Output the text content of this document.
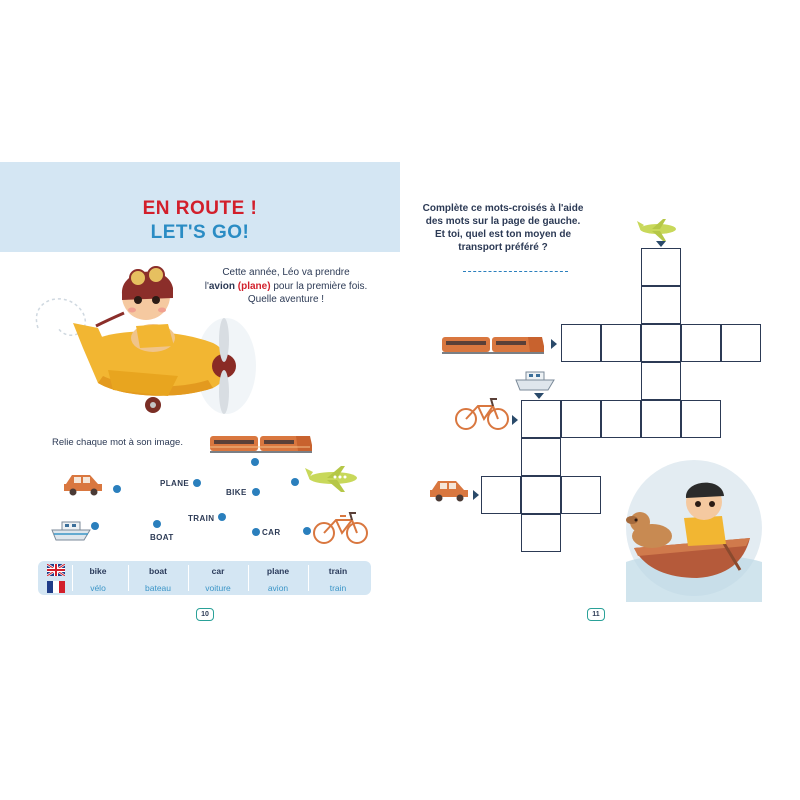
EN ROUTE !
LET'S GO!
Cette année, Léo va prendre
l'avion (plane) pour la première fois.
Quelle aventure !
Relie chaque mot à son image.
PLANE
BIKE
TRAIN
CAR
BOAT
bike	boat	car	plane	train
vélo	bateau	voiture	avion	train
10
Complète ce mots-croisés à l'aide
des mots sur la page de gauche.
Et toi, quel est ton moyen de
transport préféré ?
11
